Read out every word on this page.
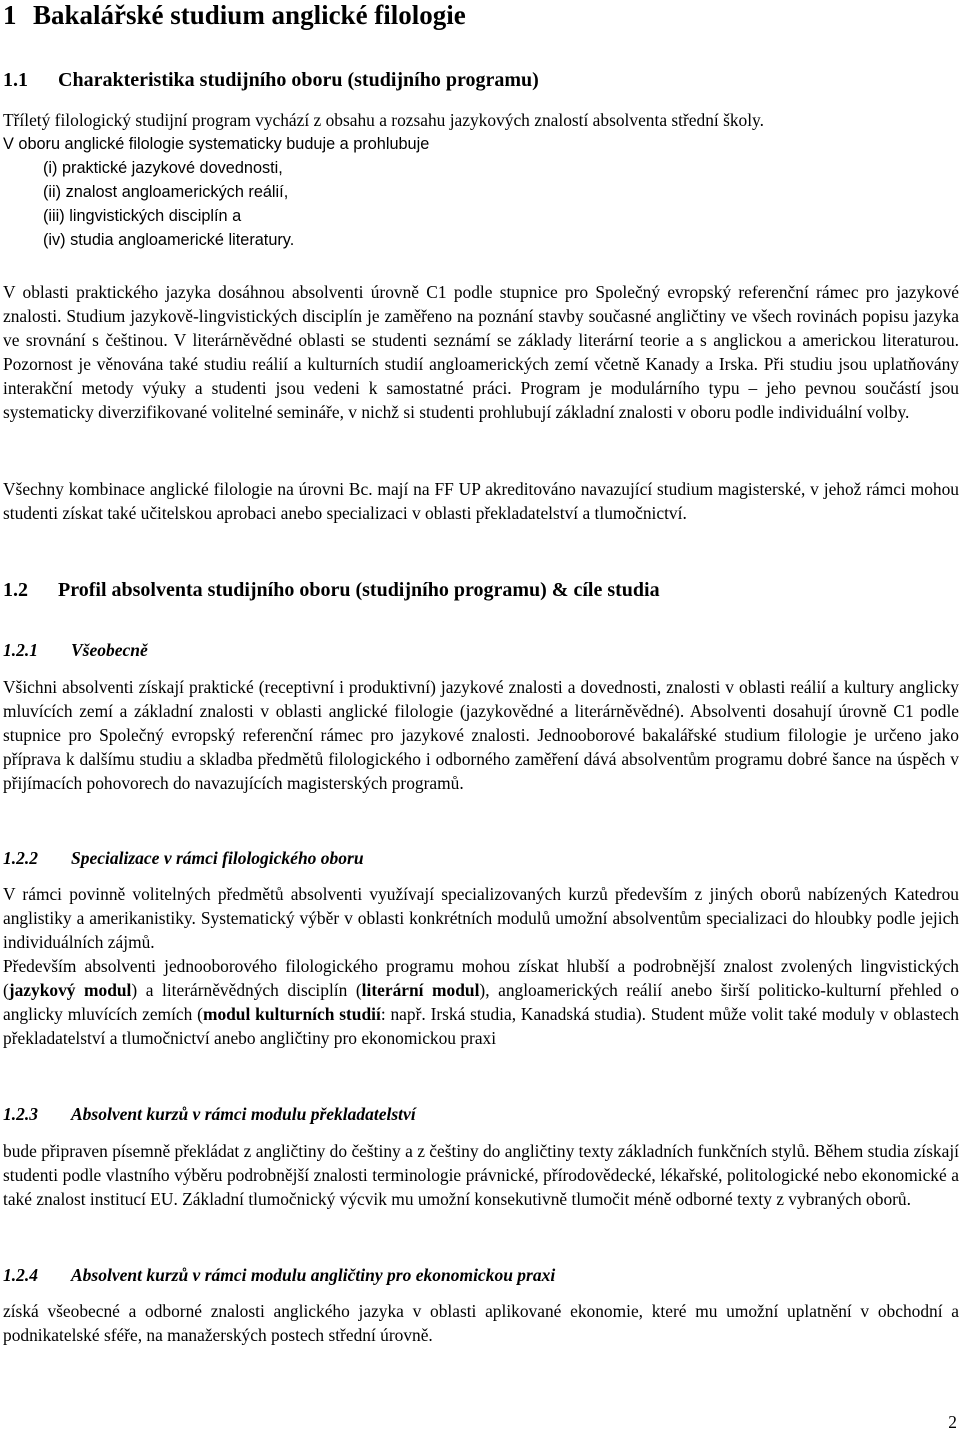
1 Bakalářské studium anglické filologie
1.1 Charakteristika studijního oboru (studijního programu)

Tříletý filologický studijní program vychází z obsahu a rozsahu jazykových znalostí absolventa střední školy.

V oboru anglické filologie systematicky buduje a prohlubuje

(i) praktické jazykové dovednosti,

(ii) znalost angloamerických reálií,

(iii) lingvistických disciplín a

(iv) studia angloamerické literatury.

V oblasti praktického jazyka dosáhnou absolventi úrovně C1 podle stupnice pro Společný evropský referenční rámec pro jazykové znalosti. Studium jazykově-lingvistických disciplín je zaměřeno na poznání stavby současné angličtiny ve všech rovinách popisu jazyka ve srovnání s češtinou. V literárněvědné oblasti se studenti seznámí se základy literární teorie a s anglickou a americkou literaturou. Pozornost je věnována také studiu reálií a kulturních studií angloamerických zemí včetně Kanady a Irska. Při studiu jsou uplatňovány interakční metody výuky a studenti jsou vedeni k samostatné práci. Program je modulárního typu – jeho pevnou součástí jsou systematicky diverzifikované volitelné semináře, v nichž si studenti prohlubují základní znalosti v oboru podle individuální volby.

Všechny kombinace anglické filologie na úrovni Bc. mají na FF UP akreditováno navazující studium magisterské, v jehož rámci mohou studenti získat také učitelskou aprobaci anebo specializaci v oblasti překladatelství a tlumočnictví.

1.2 Profil absolventa studijního oboru (studijního programu) & cíle studia
1.2.1 Všeobecně

Všichni absolventi získají praktické (receptivní i produktivní) jazykové znalosti a dovednosti, znalosti v oblasti reálií a kultury anglicky mluvících zemí a základní znalosti v oblasti anglické filologie (jazykovědné a literárněvědné). Absolventi dosahují úrovně C1 podle stupnice pro Společný evropský referenční rámec pro jazykové znalosti. Jednooborové bakalářské studium filologie je určeno jako příprava k dalšímu studiu a skladba předmětů filologického i odborného zaměření dává absolventům programu dobré šance na úspěch v přijímacích pohovorech do navazujících magisterských programů.

1.2.2 Specializace v rámci filologického oboru

V rámci povinně volitelných předmětů absolventi využívají specializovaných kurzů především z jiných oborů nabízených Katedrou anglistiky a amerikanistiky. Systematický výběr v oblasti konkrétních modulů umožní absolventům specializaci do hloubky podle jejich individuálních zájmů.

Především absolventi jednooborového filologického programu mohou získat hlubší a podrobnější znalost zvolených lingvistických (jazykový modul) a literárněvědných disciplín (literární modul), angloamerických reálií anebo širší politicko-kulturní přehled o anglicky mluvících zemích (modul kulturních studií: např. Irská studia, Kanadská studia). Student může volit také moduly v oblastech překladatelství a tlumočnictví anebo angličtiny pro ekonomickou praxi

1.2.3 Absolvent kurzů v rámci modulu překladatelství

bude připraven písemně překládat z angličtiny do češtiny a z češtiny do angličtiny texty základních funkčních stylů. Během studia získají studenti podle vlastního výběru podrobnější znalosti terminologie právnické, přírodovědecké, lékařské, politologické nebo ekonomické a také znalost institucí EU. Základní tlumočnický výcvik mu umožní konsekutivně tlumočit méně odborné texty z vybraných oborů.

1.2.4 Absolvent kurzů v rámci modulu angličtiny pro ekonomickou praxi

získá všeobecné a odborné znalosti anglického jazyka v oblasti aplikované ekonomie, které mu umožní uplatnění v obchodní a podnikatelské sféře, na manažerských postech střední úrovně.

2
